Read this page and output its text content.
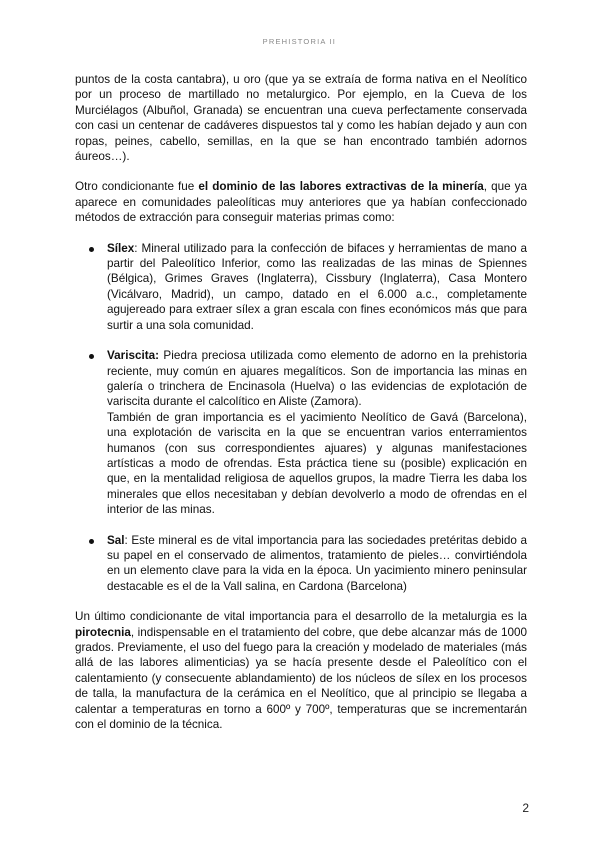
PREHISTORIA II

puntos de la costa cantabra), u oro (que ya se extraía de forma nativa en el Neolítico por un proceso de martillado no metalurgico. Por ejemplo, en la Cueva de los Murciélagos (Albuñol, Granada) se encuentran una cueva perfectamente conservada con casi un centenar de cadáveres dispuestos tal y como les habían dejado y aun con ropas, peines, cabello, semillas, en la que se han encontrado también adornos áureos…).

Otro condicionante fue el dominio de las labores extractivas de la minería, que ya aparece en comunidades paleolíticas muy anteriores que ya habían confeccionado métodos de extracción para conseguir materias primas como:

Sílex: Mineral utilizado para la confección de bifaces y herramientas de mano a partir del Paleolítico Inferior, como las realizadas de las minas de Spiennes (Bélgica), Grimes Graves (Inglaterra), Cissbury (Inglaterra), Casa Montero (Vicálvaro, Madrid), un campo, datado en el 6.000 a.c., completamente agujereado para extraer sílex a gran escala con fines económicos más que para surtir a una sola comunidad.

Variscita: Piedra preciosa utilizada como elemento de adorno en la prehistoria reciente, muy común en ajuares megalíticos. Son de importancia las minas en galería o trinchera de Encinasola (Huelva) o las evidencias de explotación de variscita durante el calcolítico en Aliste (Zamora).

También de gran importancia es el yacimiento Neolítico de Gavá (Barcelona), una explotación de variscita en la que se encuentran varios enterramientos humanos (con sus correspondientes ajuares) y algunas manifestaciones artísticas a modo de ofrendas. Esta práctica tiene su (posible) explicación en que, en la mentalidad religiosa de aquellos grupos, la madre Tierra les daba los minerales que ellos necesitaban y debían devolverlo a modo de ofrendas en el interior de las minas.

Sal: Este mineral es de vital importancia para las sociedades pretéritas debido a su papel en el conservado de alimentos, tratamiento de pieles… convirtiéndola en un elemento clave para la vida en la época. Un yacimiento minero peninsular destacable es el de la Vall salina, en Cardona (Barcelona)

Un último condicionante de vital importancia para el desarrollo de la metalurgia es la pirotecnia, indispensable en el tratamiento del cobre, que debe alcanzar más de 1000 grados. Previamente, el uso del fuego para la creación y modelado de materiales (más allá de las labores alimenticias) ya se hacía presente desde el Paleolítico con el calentamiento (y consecuente ablandamiento) de los núcleos de sílex en los procesos de talla, la manufactura de la cerámica en el Neolítico, que al principio se llegaba a calentar a temperaturas en torno a 600º y 700º, temperaturas que se incrementarán con el dominio de la técnica.

2
